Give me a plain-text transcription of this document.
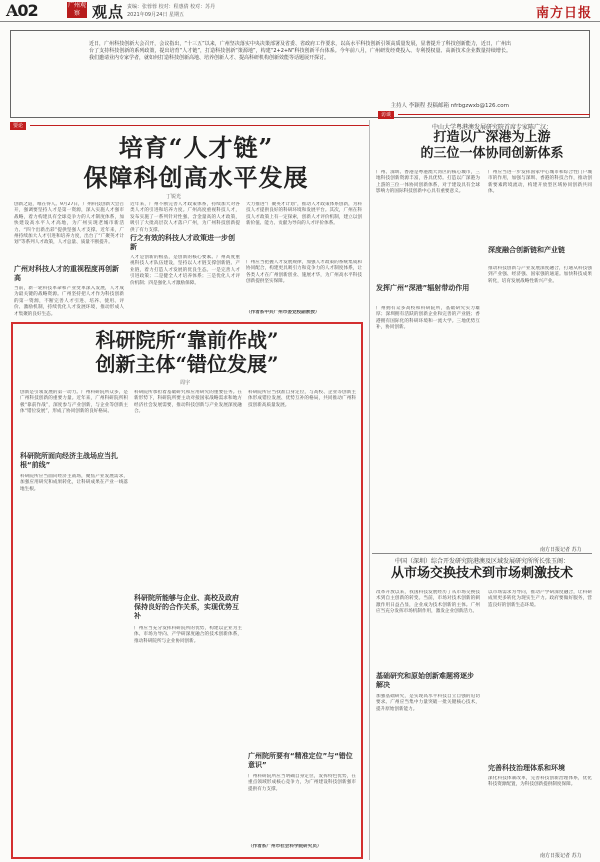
A02	广州观察 观点 责编：张蓉蓉 校对：程惠倩 校对：苏丹
2021年09月24日 星期五	南方日报
近日，广州科技创新大会召开，会议指出，“十三五”以来，广州坚决落实中央决策部署及省委、省政府工作要求，以高水平科技创新引领高质量发展，显著提升了科技创新能力，近日，广州出台了支持科技创新的系列政策，提出培育“人才链”，打造科技创新“策源地”，构建“2+2+N”科技创新平台体系。今年前八月，广州研发经费投入、专利授权量、高新技术企业数量持续增长。我们邀请业内专家学者，就如何打造科技创新高地、培养创新人才、提高科研机构创新效能等话题展开探讨。
主持人 李颖程 投稿邮箱 nfrbgzwxb@126.com
要论
访谈
培育“人才链”
保障科创高水平发展
丁锐光
创新之道，唯在得人。9月27日，广州科技创新大会召开，强调要坚持人才是第一资源，深入实施人才强市战略，着力构建具有全球竞争力的人才制度体系，加快建设高水平人才高地，为广州实现老城市新活力、“四个出新出彩”提供坚强人才支撑。近年来，广州持续加大人才引进和培养力度，出台了“广聚英才计划”等系列人才政策，人才总量、质量不断提升。
广州对科技人才的重视程度再创新高
当前，新一轮科技革命和产业变革深入发展，人才成为最关键的战略资源。广州坚持把人才作为科技创新的第一资源，不断完善人才引进、培养、使用、评价、激励机制，持续优化人才发展环境，推动形成人才集聚的良好生态。
近年来，广州不断完善人才政策体系，持续加大对各类人才的引进和培养力度。广州高度重视科技人才，发布实施了一系列针对性强、含金量高的人才政策，吸引了大批高层次人才落户广州，为广州科技创新提供了有力支撑。
行之有效的科技人才政策进一步创新
人才是创新的根基，是创新的核心要素。广州高度重视科技人才队伍建设，坚持以人才链支撑创新链、产业链，着力打造人才发展的优良生态。一是完善人才引进政策；二是健全人才培养体系；三是优化人才评价机制；四是强化人才激励保障。
大力推进“广聚英才计划”，推动人才政策体系创新，为科技人才提供良好的科研环境和发展平台。其次，广州在科技人才政策上有一定探索，创新人才评价机制，建立以创新价值、能力、贡献为导向的人才评价体系。
广州应当把握人才发展规律，加强人才政策的系统集成和协同配合，构建更具吸引力和竞争力的人才制度体系，让各类人才在广州创新创业、施展才华，为广州高水平科技创新提供坚实保障。
（作者系中共广州市委党校副教授）
中山大学粤港澳发展研究院首席专家陈广汉：
打造以广深港为上游
的三位一体协同创新体系
广州、深圳、香港是粤港澳大湾区的核心城市，三地科技创新资源丰富，各具优势。打造以广深港为上游的三位一体协同创新体系，对于建设具有全球影响力的国际科技创新中心具有重要意义。
发挥广州“深港”辐射带动作用
广州拥有众多高校和科研院所，基础研究实力雄厚；深圳拥有活跃的创新企业和完善的产业链；香港拥有国际化的科研环境和一流大学。三地优势互补，协同创新。
广州应当进一步发挥国家中心城市和综合性门户城市的作用，加强与深圳、香港的科技合作，推动创新要素跨境流动，构建开放型区域协同创新共同体。
深度融合创新链和产业链
推动科技创新与产业发展深度融合，打通从科技强到产业强、经济强、国家强的通道。加快科技成果转化，培育发展战略性新兴产业。
南方日报记者 苏力
中国（深圳）综合开发研究院港澳及区域发展研究所所长张玉阁：
从市场交换技术到市场刺激技术
改革开放以来，我国科技发展经历了从市场交换技术到自主创新的转变。当前，市场对技术创新的刺激作用日益凸显，企业成为技术创新的主体。广州应当充分发挥市场机制作用，激发企业创新活力。
基础研究和原始创新难题将逐步解决
加强基础研究，是实现高水平科技自立自强的迫切要求。广州应当集中力量突破一批关键核心技术，提升原始创新能力。
以市场需求为导向，推动产学研深度融合，让科研成果更多转化为现实生产力。政府要做好服务，营造良好的创新生态环境。
完善科技治理体系和环境
深化科技体制改革，完善科技创新治理体系，优化科技资源配置，为科技创新提供制度保障。
南方日报记者 苏力
科研院所“靠前作战”
创新主体“错位发展”
周宇
创新是引领发展的第一动力。广州科研院所众多，是广州科技创新的重要力量。近年来，广州科研院所积极“靠前作战”，深度参与产业创新，与企业等创新主体“错位发展”，形成了协同创新的良好格局。
科研院所面向经济主战场应当扎根“前线”
科研院所应当面向经济主战场，聚焦产业发展需求，加强应用研究和成果转化，让科研成果在产业一线落地生根。
科研院所承担着基础研究和应用研究的重要任务。在新形势下，科研院所要主动对接国家战略需求和地方经济社会发展需要，推动科技创新与产业发展深度融合。
科研院所能够与企业、高校及政府保持良好的合作关系，实现优势互补
广州应当充分发挥科研院所的优势，构建以企业为主体、市场为导向、产学研深度融合的技术创新体系，推动科研院所与企业协同创新。
科研院所应当找准自身定位，与高校、企业等创新主体形成错位发展、优势互补的格局，共同推动广州科技创新高质量发展。
广州院所要有“精准定位”与“错位意识”
广州科研院所应当明确自身定位，发挥特色优势，在重点领域形成核心竞争力，为广州建设科技创新强市提供有力支撑。
（作者系广州市社会科学院研究员）
